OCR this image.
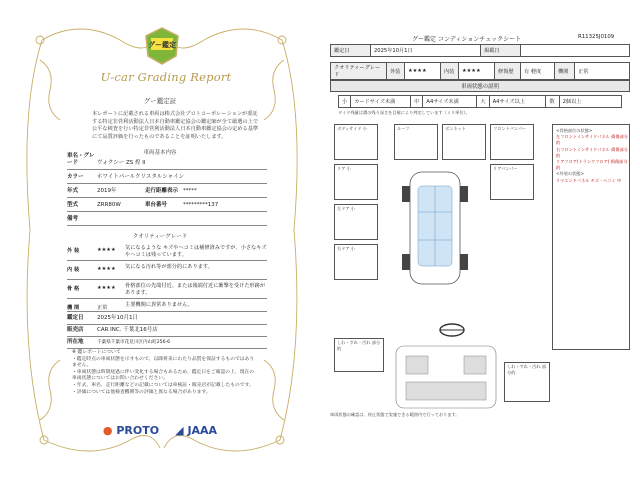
グー鑑定
U-car Grading Report
グー鑑定証
本レポートに記載される車両は株式会社プロトコーポレーションが委託する特定非営利活動法人日本自動車鑑定協会の鑑定師が全て厳選の上で公平な検査を行い特定非営利活動法人日本自動車鑑定協会の定める基準にて品質評価を行ったものであることを証明いたします。
車両基本内容
車名・グレード	ヴォクシー ZS 煌 II
カラー	ホワイトパールクリスタルシャイン
年式	2019年	走行距離表示 *****
型式	ZRR80W	車台番号	*********137
備考
クオリティーグレード
外 装	★★★★	気になるような キズやヘコミは補修済みですが、小さなキズやヘコミは残っています。
内 装	★★★★	気になる汚れ等が部分的にあります。
骨 格	★★★★	骨格部位の先端付近、または後端付近に衝撃を受けた形跡があります。
機 関	正常	主要機関に異常ありません。
鑑定日	2025年10月1日
販売店	CAR INC. 千葉北16号店
所在地	千葉県千葉市花見川区内山町256-6
※ 鑑レポートについて
・鑑定時点の車両状態を示すもので、以降将来にわたり品質を保証するものではありません。
・車両状態は時間経過に伴い変化する場合もあるため、鑑定日をご確認の上、現在の車両状態についてはお問い合わせください。
・年式、車名、走行距離などの記載については車検証・販売店が記載したものです。
・評価については他検査機関等の評価と異なる場合があります。
● PROTO ◢ JAAA
グー鑑定 コンディションチェックシート	R11325J0109
鑑定日	2025年10月1日	掲載日	
クオリティーグレード	外装	★★★★	内装	★★★★	修復歴	有 軽度	機関	正常
車両状態の説明
小	カードサイズ未満	中	A4サイズ未満	大	A4サイズ以上	数	2個以上
タイヤ残量は溝の残り深さを目視により判定しています（ミリ単位）。
ボディサイド 小
リア 小
左ドア 小
右ドア 小
ルーフ	ボンネット	フロントバンパー
リアバンパー
しわ・すれ・汚れ 部分的
しわ・すれ・汚れ 部分的
<骨格部位の状態>
左フロントインサイドパネル 損傷部分的
右フロントインサイドパネル 損傷部分的
リアフロア(トランクフロア) 損傷部分的
<外装の状態>
リヤエンドパネル キズ・ヘコミ 中
車両状態の確認は、停止状態で実施できる範囲内で行っております。
